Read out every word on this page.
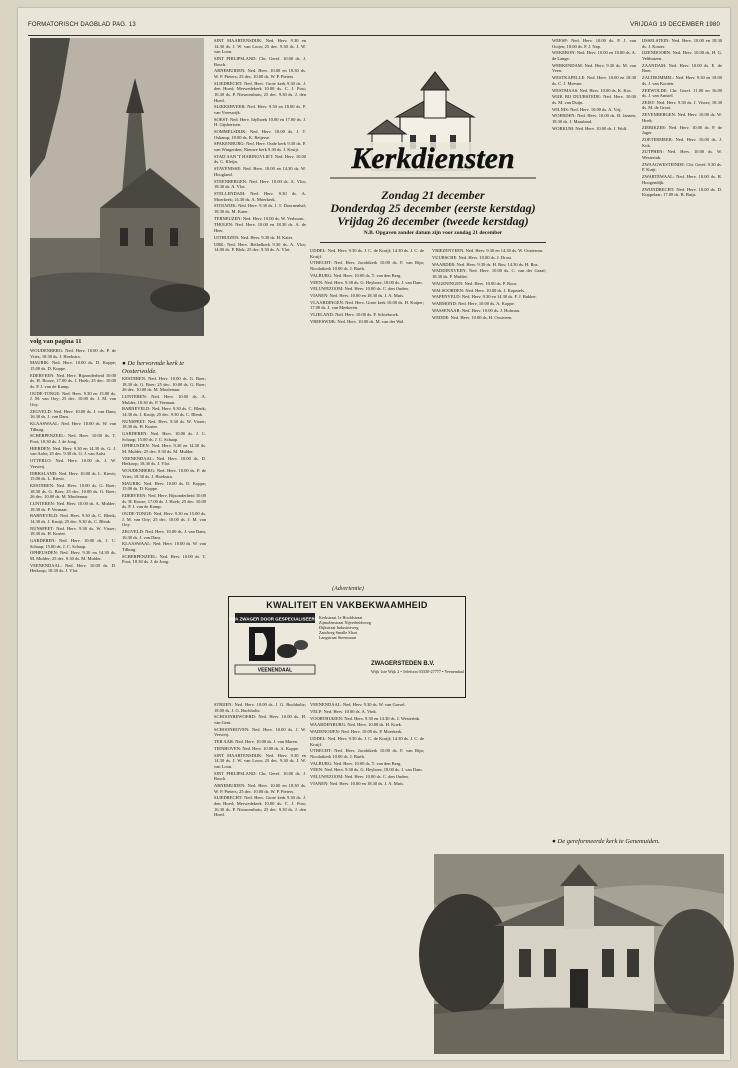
FORMATORISCH DAGBLAD PAG. 13	VRIJDAG 19 DECEMBER 1980
volg van pagina 11
● De hervormde kerk te Oosterwolde.

WOUDENBERG: Ned. Herv. 10.00 ds. P. de Vries; 18.30 ds. J. Hoekstra.

MAURIK: Ned. Herv. 10.00 ds. D. Koppe; 15.00 ds. D. Koppe.

EDERVEEN: Ned. Herv. Bijzonderheid 10.00 ds. H. Rooze, 17.00 ds. J. Hoek; 25 dec. 10.00 ds. P. J. van de Kamp.

OUDE-TONGE: Ned. Herv. 9.30 en 15.00 ds. J. M. van Ooy; 25 dec. 10.00 ds. J. M. van Ooy.

ZEGVELD: Ned. Herv. 10.00 ds. J. van Dam; 16.30 ds. J. van Dam.

KLAASWAAL: Ned. Herv. 10.00 ds. W. van Tilburg.

SCHERPENZEEL: Ned. Herv. 10.00 ds. T. Poot; 18.30 ds. J. de Jong.

HIERDEN: Ned. Herv. 9.30 en 14.30 ds. G. J. van Aalst; 25 dec. 9.30 ds. G. J. van Aalst.

OTTERLO: Ned. Herv. 10.00 ds. J. W. Verweij.

DIRKSLAND: Ned. Herv. 10.00 ds. L. Kievit; 15.00 ds. L. Kievit.

KESTEREN: Ned. Herv. 10.00 ds. G. Boer; 18.30 ds. G. Boer; 25 dec. 10.00 ds. G. Boer; 26 dec. 10.00 ds. M. Moolenaar.

LUNTEREN: Ned. Herv. 10.00 ds. A. Mulder; 18.30 ds. P. Vermaat.

BARNEVELD: Ned. Herv. 9.30 ds. C. Blenk; 14.30 ds. J. Kruijt; 25 dec. 9.30 ds. C. Blenk.

NUNSPEET: Ned. Herv. 9.30 ds. W. Visser; 18.30 ds. H. Koster.

GARDEREN: Ned. Herv. 10.00 ds. J. C. Schaap; 15.00 ds. J. C. Schaap.

OPHEUSDEN: Ned. Herv. 9.30 en 14.30 ds. M. Mulder; 25 dec. 9.30 ds. M. Mulder.

VEENENDAAL: Ned. Herv. 10.00 ds. D. Heikoop; 18.30 ds. J. Vlot.

KESTEREN: Ned. Herv. 10.00 ds. G. Boer; 18.30 ds. G. Boer; 25 dec. 10.00 ds. G. Boer; 26 dec. 10.00 ds. M. Moolenaar.

LUNTEREN: Ned. Herv. 10.00 ds. A. Mulder; 18.30 ds. P. Vermaat.

BARNEVELD: Ned. Herv. 9.30 ds. C. Blenk; 14.30 ds. J. Kruijt; 25 dec. 9.30 ds. C. Blenk.

NUNSPEET: Ned. Herv. 9.30 ds. W. Visser; 18.30 ds. H. Koster.

GARDEREN: Ned. Herv. 10.00 ds. J. C. Schaap; 15.00 ds. J. C. Schaap.

OPHEUSDEN: Ned. Herv. 9.30 en 14.30 ds. M. Mulder; 25 dec. 9.30 ds. M. Mulder.

VEENENDAAL: Ned. Herv. 10.00 ds. D. Heikoop; 18.30 ds. J. Vlot.

WOUDENBERG: Ned. Herv. 10.00 ds. P. de Vries; 18.30 ds. J. Hoekstra.

MAURIK: Ned. Herv. 10.00 ds. D. Koppe; 15.00 ds. D. Koppe.

EDERVEEN: Ned. Herv. Bijzonderheid 10.00 ds. H. Rooze, 17.00 ds. J. Hoek; 25 dec. 10.00 ds. P. J. van de Kamp.

OUDE-TONGE: Ned. Herv. 9.30 en 15.00 ds. J. M. van Ooy; 25 dec. 10.00 ds. J. M. van Ooy.

ZEGVELD: Ned. Herv. 10.00 ds. J. van Dam; 16.30 ds. J. van Dam.

KLAASWAAL: Ned. Herv. 10.00 ds. W. van Tilburg.

SCHERPENZEEL: Ned. Herv. 10.00 ds. T. Poot; 18.30 ds. J. de Jong.

SINT MAARTENSDIJK: Ned. Herv. 9.30 en 14.30 ds. J. W. van Loon; 25 dec. 9.30 ds. J. W. van Loon.

SINT PHILIPSLAND: Chr. Geref. 10.00 ds. J. Bosch.

ARNEMUIDEN: Ned. Herv. 10.00 en 18.30 ds. W. P. Pieters; 25 dec. 10.00 ds. W. P. Pieters.

SLIEDRECHT: Ned. Herv. Grote kerk 9.30 ds. J. den Hoed; Merwedekerk 10.00 ds. C. J. Post; 16.30 ds. P. Nieuwenhuis; 25 dec. 9.30 ds. J. den Hoed.

SLIKKERVEER: Ned. Herv. 9.30 en 18.00 ds. P. van Vreeswijk.

SOEST: Ned. Herv. Idylhoek 10.00 en 17.00 ds. J. H. Gijsbertsen.

SOMMELSDIJK: Ned. Herv. 10.00 ds. J. T. Oskamp; 18.00 ds. K. Reijerse.

SPAKENBURG: Ned. Herv. Oude kerk 9.30 ds. P. van Wingerden; Nieuwe kerk 9.30 ds. J. Kruijt.

STAD AAN 'T HARINGVLIET: Ned. Herv. 10.00 ds. C. Kleijn.

STAVENISSE: Ned. Herv. 10.00 en 14.30 ds. W. Hoogland.

STEENBERGEN: Ned. Herv. 10.00 ds. A. Vlot; 18.30 ds. A. Vlot.

STELLENDAM: Ned. Herv. 9.30 ds. A. Moerkerk; 14.30 ds. A. Moerkerk.

STOLWIJK: Ned. Herv. 9.30 ds. J. T. Doornenbal; 18.30 ds. M. Kater.

TERNEUZEN: Ned. Herv. 10.00 ds. W. Verboom.

THOLEN: Ned. Herv. 10.00 en 18.30 ds. A. de Heer.

UITHUIZEN: Ned. Herv. 9.30 ds. H. Kater.

URK: Ned. Herv. Bethelkerk 9.30 ds. A. Vlot; 14.00 ds. P. Blok; 25 dec. 9.30 ds. A. Vlot.

Kerkdiensten
Zondag 21 december
Donderdag 25 december (eerste kerstdag)
Vrijdag 26 december (tweede kerstdag)
N.B. Opgaven zonder datum zijn voor zondag 21 december

UDDEL: Ned. Herv. 9.30 ds. J. C. de Kruijf; 14.30 ds. J. C. de Kruijf.

UTRECHT: Ned. Herv. Jacobikerk 10.00 ds. F. van Rijn; Nicolaikerk 10.00 ds. J. Barth.

VALBURG: Ned. Herv. 10.00 ds. T. van den Berg.

VEEN: Ned. Herv. 9.30 ds. G. Heyboer; 18.00 ds. J. van Dam.

VELUWEZOOM: Ned. Herv. 10.00 ds. C. den Ouden.

VIANEN: Ned. Herv. 10.00 en 18.30 ds. J. A. Muis.

VLAARDINGEN: Ned. Herv. Grote kerk 10.00 ds. H. Kuiper; 17.00 ds. J. van Meekeren.

VLIELAND: Ned. Herv. 10.00 ds. P. Schiebroek.

VREESWIJK: Ned. Herv. 10.00 ds. M. van der Wal.

VRIEZENVEEN: Ned. Herv. 9.30 en 14.30 ds. W. Oosterom.

VUURSCHE: Ned. Herv. 10.00 ds. J. Drost.

WAARDER: Ned. Herv. 9.30 ds. H. Bos; 14.30 ds. H. Bos.

WADDINXVEEN: Ned. Herv. 10.00 ds. C. van der Graaf; 18.30 ds. P. Mulder.

WAGENINGEN: Ned. Herv. 10.00 ds. P. Roos.

WALSOORDEN: Ned. Herv. 10.00 ds. J. Kopmels.

WAPENVELD: Ned. Herv. 9.30 en 14.30 ds. F. J. Bakker.

WARMOND: Ned. Herv. 10.00 ds. A. Koppe.

WASSENAAR: Ned. Herv. 10.00 ds. J. Hofman.

WEDDE: Ned. Herv. 10.00 ds. H. Oostveen.

WEESP: Ned. Herv. 10.00 ds. P. J. van Ooijen; 18.00 ds. P. J. Nap.

WEKERON: Ned. Herv. 10.00 en 18.00 ds. A. de Lange.

WERKENDAM: Ned. Herv. 9.30 ds. M. van Veen.

WESTKAPELLE: Ned. Herv. 10.00 en 18.30 ds. C. J. Meeuse.

WESTMAAS: Ned. Herv. 10.00 ds. K. Kos.

WIJK BIJ DUURSTEDE: Ned. Herv. 10.00 ds. M. van Duijn.

WILNIS: Ned. Herv. 10.00 ds. A. Vrij.

WOERDEN: Ned. Herv. 10.00 ds. B. Jansen; 18.30 ds. J. Maasland.

WORKUM: Ned. Herv. 10.00 ds. J. Wolf.

IJSSELSTEIN: Ned. Herv. 10.00 en 18.30 ds. J. Koster.

IJZENDOORN: Ned. Herv. 10.00 ds. H. G. Velthuizen.

ZAANDAM: Ned. Herv. 10.00 ds. E. de Boer.

ZALTBOMMEL: Ned. Herv. 9.30 en 18.00 ds. J. van Kooten.

ZEEWOLDE: Chr. Geref. 11.00 en 16.00 ds. J. van Amstel.

ZEIST: Ned. Herv. 9.30 ds. J. Visser; 18.30 ds. M. de Groot.

ZEVENBERGEN: Ned. Herv. 10.00 ds. W. Hoek.

ZIERIKZEE: Ned. Herv. 10.00 ds. P. de Jager.

ZOETERMEER: Ned. Herv. 10.00 ds. J. Kok.

ZUTPHEN: Ned. Herv. 10.00 ds. W. Westerink.

ZWAAGWESTEINDE: Chr. Geref. 9.30 ds. P. Kuijt.

ZWARTEWAAL: Ned. Herv. 10.00 ds. R. Hoogendijk.

ZWIJNDRECHT: Ned. Herv. 10.00 ds. D. Koppelaar; 17.00 ds. B. Buijs.

(Advertentie)
KWALITEIT EN VAKBEKWAAMHEID
OPA ZWAGER DOOR GESPECIALISEERDE
VEENENDAAL
Kerkstraat 1e Hoofdstraat
Zijmolenstraat Nijverheidsweg
Dijkstraat Industrieweg
Zandweg Smalle Sloot
Langstraat Steenstraat
ZWAGERSTEDEN B.V.
Wijk 1ste Wijk 2 • Telefoon 03330-27777 • Veenendaal

STRIJEN: Ned. Herv. 10.00 ds. J. G. Buchholtz; 18.00 ds. J. G. Buchholtz.

SCHOONREWOERD: Ned. Herv. 10.00 ds. H. van Gent.

SCHOONHOVEN: Ned. Herv. 10.00 ds. J. W. Verweij.

TER AAR: Ned. Herv. 10.00 ds. J. van Maren.

TIENHOVEN: Ned. Herv. 10.00 ds. A. Koppe.

SINT MAARTENSDIJK: Ned. Herv. 9.30 en 14.30 ds. J. W. van Loon; 25 dec. 9.30 ds. J. W. van Loon.

SINT PHILIPSLAND: Chr. Geref. 10.00 ds. J. Bosch.

ARNEMUIDEN: Ned. Herv. 10.00 en 18.30 ds. W. P. Pieters; 25 dec. 10.00 ds. W. P. Pieters.

SLIEDRECHT: Ned. Herv. Grote kerk 9.30 ds. J. den Hoed; Merwedekerk 10.00 ds. C. J. Post; 16.30 ds. P. Nieuwenhuis; 25 dec. 9.30 ds. J. den Hoed.

VEENENDAAL: Ned. Herv. 9.30 ds. W. van Gorsel.

VELP: Ned. Herv. 10.00 ds. A. Vink.

VOORTHUIZEN: Ned. Herv. 9.30 en 14.30 ds. J. Westerink.

WAARDENBURG: Ned. Herv. 10.00 ds. H. Koek.

WADENOIJEN: Ned. Herv. 10.00 ds. P. Moerkerk.

UDDEL: Ned. Herv. 9.30 ds. J. C. de Kruijf; 14.30 ds. J. C. de Kruijf.

UTRECHT: Ned. Herv. Jacobikerk 10.00 ds. F. van Rijn; Nicolaikerk 10.00 ds. J. Barth.

VALBURG: Ned. Herv. 10.00 ds. T. van den Berg.

VEEN: Ned. Herv. 9.30 ds. G. Heyboer; 18.00 ds. J. van Dam.

VELUWEZOOM: Ned. Herv. 10.00 ds. C. den Ouden.

VIANEN: Ned. Herv. 10.00 en 18.30 ds. J. A. Muis.

● De gereformeerde kerk te Genemuiden.
